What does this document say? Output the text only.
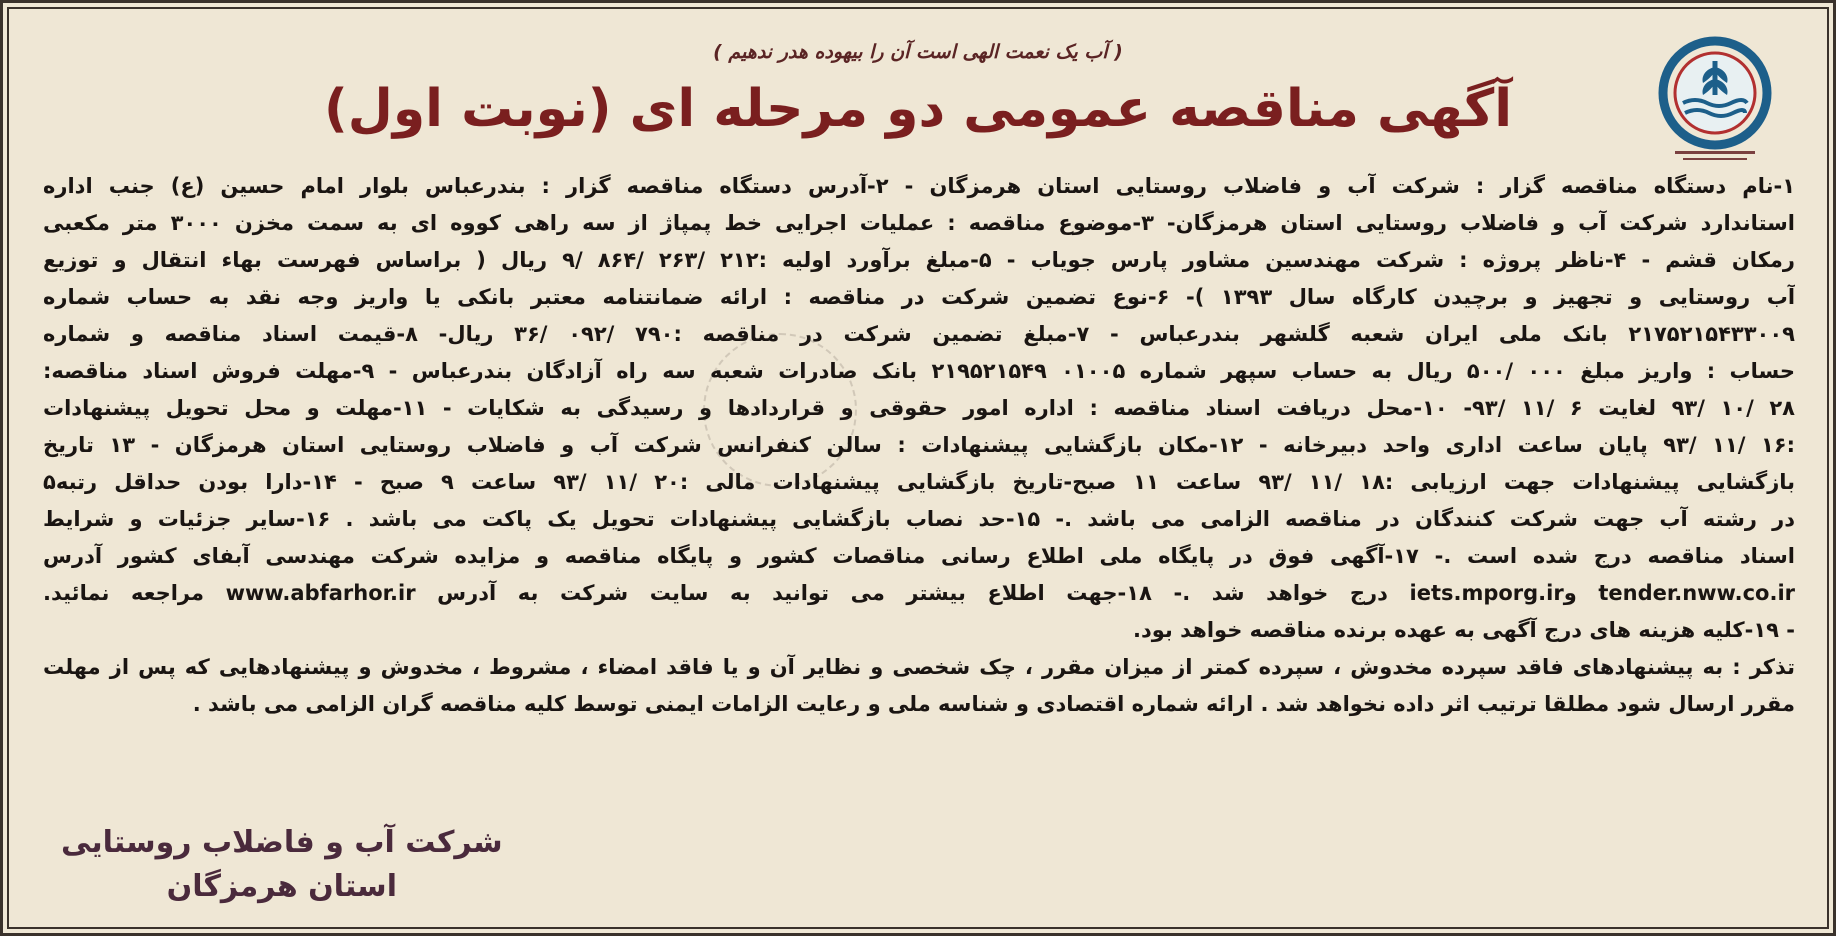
( آب یک نعمت الهی است آن را بیهوده هدر ندهیم )
آگهی مناقصه عمومی دو مرحله ای (نوبت اول)
۱-نام دستگاه مناقصه گزار : شرکت آب و فاضلاب روستایی استان هرمزگان - ۲-آدرس دستگاه مناقصه گزار : بندرعباس بلوار امام حسین (ع) جنب اداره
استاندارد شرکت آب و فاضلاب روستایی استان هرمزگان- ۳-موضوع مناقصه : عملیات اجرایی خط پمپاژ از سه راهی کووه ای به سمت مخزن ۳۰۰۰ متر مکعبی
رمکان قشم - ۴-ناظر پروژه : شرکت مهندسین مشاور پارس جویاب - ۵-مبلغ برآورد اولیه :۲۱۲ /۲۶۳ /۸۶۴ /۹ ریال ( براساس فهرست بهاء انتقال و توزیع
آب روستایی و تجهیز و برچیدن کارگاه سال ۱۳۹۳ )- ۶-نوع تضمین شرکت در مناقصه : ارائه ضمانتنامه معتبر بانکی یا واریز وجه نقد به حساب شماره
۲۱۷۵۲۱۵۴۳۳۰۰۹ بانک ملی ایران شعبه گلشهر بندرعباس - ۷-مبلغ تضمین شرکت در مناقصه :۷۹۰ /۰۹۲ /۳۶ ریال- ۸-قیمت اسناد مناقصه و شماره
حساب : واریز مبلغ ۰۰۰ /۵۰۰ ریال به حساب سپهر شماره ۰۱۰۰۵ ۲۱۹۵۲۱۵۴۹ بانک صادرات شعبه سه راه آزادگان بندرعباس - ۹-مهلت فروش اسناد مناقصه:
۲۸ /۱۰ /۹۳ لغایت ۶ /۱۱ /۹۳- ۱۰-محل دریافت اسناد مناقصه : اداره امور حقوقی و قراردادها و رسیدگی به شکایات - ۱۱-مهلت و محل تحویل پیشنهادات
:۱۶ /۱۱ /۹۳ پایان ساعت اداری واحد دبیرخانه - ۱۲-مکان بازگشایی پیشنهادات : سالن کنفرانس شرکت آب و فاضلاب روستایی استان هرمزگان - ۱۳ تاریخ
بازگشایی پیشنهادات جهت ارزیابی :۱۸ /۱۱ /۹۳ ساعت ۱۱ صبح-تاریخ بازگشایی پیشنهادات مالی :۲۰ /۱۱ /۹۳ ساعت ۹ صبح - ۱۴-دارا بودن حداقل رتبه۵
در رشته آب جهت شرکت کنندگان در مناقصه الزامی می باشد .- ۱۵-حد نصاب بازگشایی پیشنهادات تحویل یک پاکت می باشد . ۱۶-سایر جزئیات و شرایط
اسناد مناقصه درج شده است .- ۱۷-آگهی فوق در پایگاه ملی اطلاع رسانی مناقصات کشور و پایگاه مناقصه و مزایده شرکت مهندسی آبفای کشور آدرس
tender.nww.co.ir وiets.mporg.ir درج خواهد شد .- ۱۸-جهت اطلاع بیشتر می توانید به سایت شرکت به آدرس www.abfarhor.ir مراجعه نمائید.
- ۱۹-کلیه هزینه های درج آگهی به عهده برنده مناقصه خواهد بود.
تذکر : به پیشنهادهای فاقد سپرده مخدوش ، سپرده کمتر از میزان مقرر ، چک شخصی و نظایر آن و یا فاقد امضاء ، مشروط ، مخدوش و پیشنهادهایی که پس از مهلت
مقرر ارسال شود مطلقا ترتیب اثر داده نخواهد شد . ارائه شماره اقتصادی و شناسه ملی و رعایت الزامات ایمنی توسط کلیه مناقصه گران الزامی می باشد .
شرکت آب و فاضلاب روستایی
استان هرمزگان
